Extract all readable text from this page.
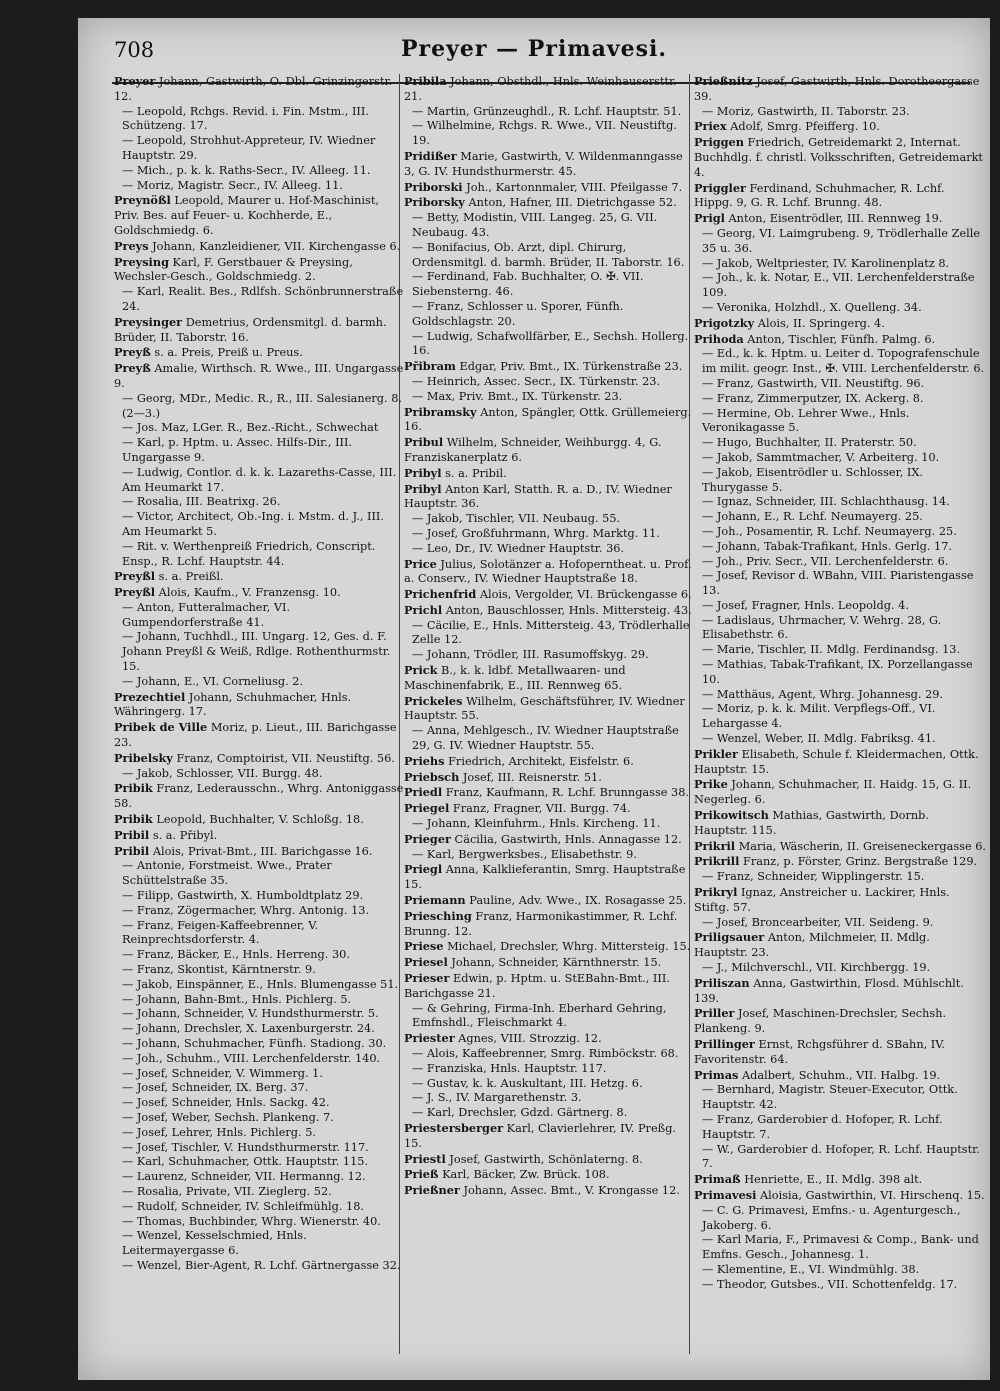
708	Preyer — Primavesi.
Preyer Johann, Gastwirth, O. Dbl. Grinzingerstr. 12.
— Leopold, Rchgs. Revid. i. Fin. Mstm., III. Schützeng. 17.
— Leopold, Strohhut-Appreteur, IV. Wiedner Hauptstr. 29.
— Mich., p. k. k. Raths-Secr., IV. Alleeg. 11.
— Moriz, Magistr. Secr., IV. Alleeg. 11.
Preynößl Leopold, Maurer u. Hof-Maschinist, Priv. Bes. auf Feuer- u. Kochherde, E., Goldschmiedg. 6.
Preys Johann, Kanzleidiener, VII. Kirchengasse 6.
Preysing Karl, F. Gerstbauer & Preysing, Wechsler-Gesch., Goldschmiedg. 2.
— Karl, Realit. Bes., Rdlfsh. Schönbrunnerstraße 24.
Preysinger Demetrius, Ordensmitgl. d. barmh. Brüder, II. Taborstr. 16.
Preyß s. a. Preis, Preiß u. Preus.
Preyß Amalie, Wirthsch. R. Wwe., III. Ungargasse 9.
— Georg, MDr., Medic. R., R., III. Salesianerg. 8. (2—3.)
— Jos. Maz, LGer. R., Bez.-Richt., Schwechat
— Karl, p. Hptm. u. Assec. Hilfs-Dir., III. Ungargasse 9.
— Ludwig, Contlor. d. k. k. Lazareths-Casse, III. Am Heumarkt 17.
— Rosalia, III. Beatrixg. 26.
— Victor, Architect, Ob.-Ing. i. Mstm. d. J., III. Am Heumarkt 5.
— Rit. v. Werthenpreiß Friedrich, Conscript. Ensp., R. Lchf. Hauptstr. 44.
Preyßl s. a. Preißl.
Preyßl Alois, Kaufm., V. Franzensg. 10.
— Anton, Futteralmacher, VI. Gumpendorferstraße 41.
— Johann, Tuchhdl., III. Ungarg. 12, Ges. d. F. Johann Preyßl & Weiß, Rdlge. Rothenthurmstr. 15.
— Johann, E., VI. Corneliusg. 2.
Prezechtiel Johann, Schuhmacher, Hnls. Währingerg. 17.
Pribek de Ville Moriz, p. Lieut., III. Barichgasse 23.
Pribelsky Franz, Comptoirist, VII. Neustiftg. 56.
— Jakob, Schlosser, VII. Burgg. 48.
Pribik Franz, Lederausschn., Whrg. Antoniggasse 58.
Pribik Leopold, Buchhalter, V. Schloßg. 18.
Pribil s. a. Přibyl.
Pribil Alois, Privat-Bmt., III. Barichgasse 16.
— Antonie, Forstmeist. Wwe., Prater Schüttelstraße 35.
— Filipp, Gastwirth, X. Humboldtplatz 29.
— Franz, Zögermacher, Whrg. Antonig. 13.
— Franz, Feigen-Kaffeebrenner, V. Reinprechtsdorferstr. 4.
— Franz, Bäcker, E., Hnls. Herreng. 30.
— Franz, Skontist, Kärntnerstr. 9.
— Jakob, Einspänner, E., Hnls. Blumengasse 51.
— Johann, Bahn-Bmt., Hnls. Pichlerg. 5.
— Johann, Schneider, V. Hundsthurmerstr. 5.
— Johann, Drechsler, X. Laxenburgerstr. 24.
— Johann, Schuhmacher, Fünfh. Stadiong. 30.
— Joh., Schuhm., VIII. Lerchenfelderstr. 140.
— Josef, Schneider, V. Wimmerg. 1.
— Josef, Schneider, IX. Berg. 37.
— Josef, Schneider, Hnls. Sackg. 42.
— Josef, Weber, Sechsh. Plankeng. 7.
— Josef, Lehrer, Hnls. Pichlerg. 5.
— Josef, Tischler, V. Hundsthurmerstr. 117.
— Karl, Schuhmacher, Ottk. Hauptstr. 115.
— Laurenz, Schneider, VII. Hermanng. 12.
— Rosalia, Private, VII. Zieglerg. 52.
— Rudolf, Schneider, IV. Schleifmühlg. 18.
— Thomas, Buchbinder, Whrg. Wienerstr. 40.
— Wenzel, Kesselschmied, Hnls. Leitermayergasse 6.
— Wenzel, Bier-Agent, R. Lchf. Gärtnergasse 32.
Pribila Johann, Obsthdl., Hnls. Weinhausersttr. 21.
— Martin, Grünzeughdl., R. Lchf. Hauptstr. 51.
— Wilhelmine, Rchgs. R. Wwe., VII. Neustiftg. 19.
Pridißer Marie, Gastwirth, V. Wildenmanngasse 3, G. IV. Hundsthurmerstr. 45.
Priborski Joh., Kartonnmaler, VIII. Pfeilgasse 7.
Priborsky Anton, Hafner, III. Dietrichgasse 52.
— Betty, Modistin, VIII. Langeg. 25, G. VII. Neubaug. 43.
— Bonifacius, Ob. Arzt, dipl. Chirurg, Ordensmitgl. d. barmh. Brüder, II. Taborstr. 16.
— Ferdinand, Fab. Buchhalter, O. ✠. VII. Siebensterng. 46.
— Franz, Schlosser u. Sporer, Fünfh. Goldschlagstr. 20.
— Ludwig, Schafwollfärber, E., Sechsh. Hollerg. 16.
Přibram Edgar, Priv. Bmt., IX. Türkenstraße 23.
— Heinrich, Assec. Secr., IX. Türkenstr. 23.
— Max, Priv. Bmt., IX. Türkenstr. 23.
Pribramsky Anton, Spängler, Ottk. Grüllemeierg. 16.
Pribul Wilhelm, Schneider, Weihburgg. 4, G. Franziskanerplatz 6.
Pribyl s. a. Pribil.
Pribyl Anton Karl, Statth. R. a. D., IV. Wiedner Hauptstr. 36.
— Jakob, Tischler, VII. Neubaug. 55.
— Josef, Großfuhrmann, Whrg. Marktg. 11.
— Leo, Dr., IV. Wiedner Hauptstr. 36.
Price Julius, Solotänzer a. Hofoperntheat. u. Prof. a. Conserv., IV. Wiedner Hauptstraße 18.
Prichenfrid Alois, Vergolder, VI. Brückengasse 6.
Prichl Anton, Bauschlosser, Hnls. Mittersteig. 43.
— Cäcilie, E., Hnls. Mittersteig. 43, Trödlerhalle Zelle 12.
— Johann, Trödler, III. Rasumoffskyg. 29.
Prick B., k. k. ldbf. Metallwaaren- und Maschinenfabrik, E., III. Rennweg 65.
Prickeles Wilhelm, Geschäftsführer, IV. Wiedner Hauptstr. 55.
— Anna, Mehlgesch., IV. Wiedner Hauptstraße 29, G. IV. Wiedner Hauptstr. 55.
Priehs Friedrich, Architekt, Eisfelstr. 6.
Priebsch Josef, III. Reisnerstr. 51.
Priedl Franz, Kaufmann, R. Lchf. Brunngasse 38.
Priegel Franz, Fragner, VII. Burgg. 74.
— Johann, Kleinfuhrm., Hnls. Kircheng. 11.
Prieger Cäcilia, Gastwirth, Hnls. Annagasse 12.
— Karl, Bergwerksbes., Elisabethstr. 9.
Priegl Anna, Kalklieferantin, Smrg. Hauptstraße 15.
Priemann Pauline, Adv. Wwe., IX. Rosagasse 25.
Priesching Franz, Harmonikastimmer, R. Lchf. Brunng. 12.
Priese Michael, Drechsler, Whrg. Mittersteig. 15.
Priesel Johann, Schneider, Kärnthnerstr. 15.
Prieser Edwin, p. Hptm. u. StEBahn-Bmt., III. Barichgasse 21.
— & Gehring, Firma-Inh. Eberhard Gehring, Emfnshdl., Fleischmarkt 4.
Priester Agnes, VIII. Strozzig. 12.
— Alois, Kaffeebrenner, Smrg. Rimböckstr. 68.
— Franziska, Hnls. Hauptstr. 117.
— Gustav, k. k. Auskultant, III. Hetzg. 6.
— J. S., IV. Margarethenstr. 3.
— Karl, Drechsler, Gdzd. Gärtnerg. 8.
Priestersberger Karl, Clavierlehrer, IV. Preßg. 15.
Priestl Josef, Gastwirth, Schönlaterng. 8.
Prieß Karl, Bäcker, Zw. Brück. 108.
Prießner Johann, Assec. Bmt., V. Krongasse 12.
Prießnitz Josef, Gastwirth, Hnls. Dorotheergasse 39.
— Moriz, Gastwirth, II. Taborstr. 23.
Priex Adolf, Smrg. Pfeifferg. 10.
Priggen Friedrich, Getreidemarkt 2, Internat. Buchhdlg. f. christl. Volksschriften, Getreidemarkt 4.
Priggler Ferdinand, Schuhmacher, R. Lchf. Hippg. 9, G. R. Lchf. Brunng. 48.
Prigl Anton, Eisentrödler, III. Rennweg 19.
— Georg, VI. Laimgrubeng. 9, Trödlerhalle Zelle 35 u. 36.
— Jakob, Weltpriester, IV. Karolinenplatz 8.
— Joh., k. k. Notar, E., VII. Lerchenfelderstraße 109.
— Veronika, Holzhdl., X. Quelleng. 34.
Prigotzky Alois, II. Springerg. 4.
Prihoda Anton, Tischler, Fünfh. Palmg. 6.
— Ed., k. k. Hptm. u. Leiter d. Topografenschule im milit. geogr. Inst., ✠. VIII. Lerchenfelderstr. 6.
— Franz, Gastwirth, VII. Neustiftg. 96.
— Franz, Zimmerputzer, IX. Ackerg. 8.
— Hermine, Ob. Lehrer Wwe., Hnls. Veronikagasse 5.
— Hugo, Buchhalter, II. Praterstr. 50.
— Jakob, Sammtmacher, V. Arbeiterg. 10.
— Jakob, Eisentrödler u. Schlosser, IX. Thurygasse 5.
— Ignaz, Schneider, III. Schlachthausg. 14.
— Johann, E., R. Lchf. Neumayerg. 25.
— Joh., Posamentir, R. Lchf. Neumayerg. 25.
— Johann, Tabak-Trafikant, Hnls. Gerlg. 17.
— Joh., Priv. Secr., VII. Lerchenfelderstr. 6.
— Josef, Revisor d. WBahn, VIII. Piaristengasse 13.
— Josef, Fragner, Hnls. Leopoldg. 4.
— Ladislaus, Uhrmacher, V. Wehrg. 28, G. Elisabethstr. 6.
— Marie, Tischler, II. Mdlg. Ferdinandsg. 13.
— Mathias, Tabak-Trafikant, IX. Porzellangasse 10.
— Matthäus, Agent, Whrg. Johannesg. 29.
— Moriz, p. k. k. Milit. Verpflegs-Off., VI. Lehargasse 4.
— Wenzel, Weber, II. Mdlg. Fabriksg. 41.
Prikler Elisabeth, Schule f. Kleidermachen, Ottk. Hauptstr. 15.
Prike Johann, Schuhmacher, II. Haidg. 15, G. II. Negerleg. 6.
Prikowitsch Mathias, Gastwirth, Dornb. Hauptstr. 115.
Prikril Maria, Wäscherin, II. Greiseneckergasse 6.
Prikrill Franz, p. Förster, Grinz. Bergstraße 129.
— Franz, Schneider, Wipplingerstr. 15.
Prikryl Ignaz, Anstreicher u. Lackirer, Hnls. Stiftg. 57.
— Josef, Broncearbeiter, VII. Seideng. 9.
Priligsauer Anton, Milchmeier, II. Mdlg. Hauptstr. 23.
— J., Milchverschl., VII. Kirchbergg. 19.
Priliszan Anna, Gastwirthin, Flosd. Mühlschlt. 139.
Priller Josef, Maschinen-Drechsler, Sechsh. Plankeng. 9.
Prillinger Ernst, Rchgsführer d. SBahn, IV. Favoritenstr. 64.
Primas Adalbert, Schuhm., VII. Halbg. 19.
— Bernhard, Magistr. Steuer-Executor, Ottk. Hauptstr. 42.
— Franz, Garderobier d. Hofoper, R. Lchf. Hauptstr. 7.
— W., Garderobier d. Hofoper, R. Lchf. Hauptstr. 7.
Primaß Henriette, E., II. Mdlg. 398 alt.
Primavesi Aloisia, Gastwirthin, VI. Hirschenq. 15.
— C. G. Primavesi, Emfns.- u. Agenturgesch., Jakoberg. 6.
— Karl Maria, F., Primavesi & Comp., Bank- und Emfns. Gesch., Johannesg. 1.
— Klementine, E., VI. Windmühlg. 38.
— Theodor, Gutsbes., VII. Schottenfeldg. 17.
